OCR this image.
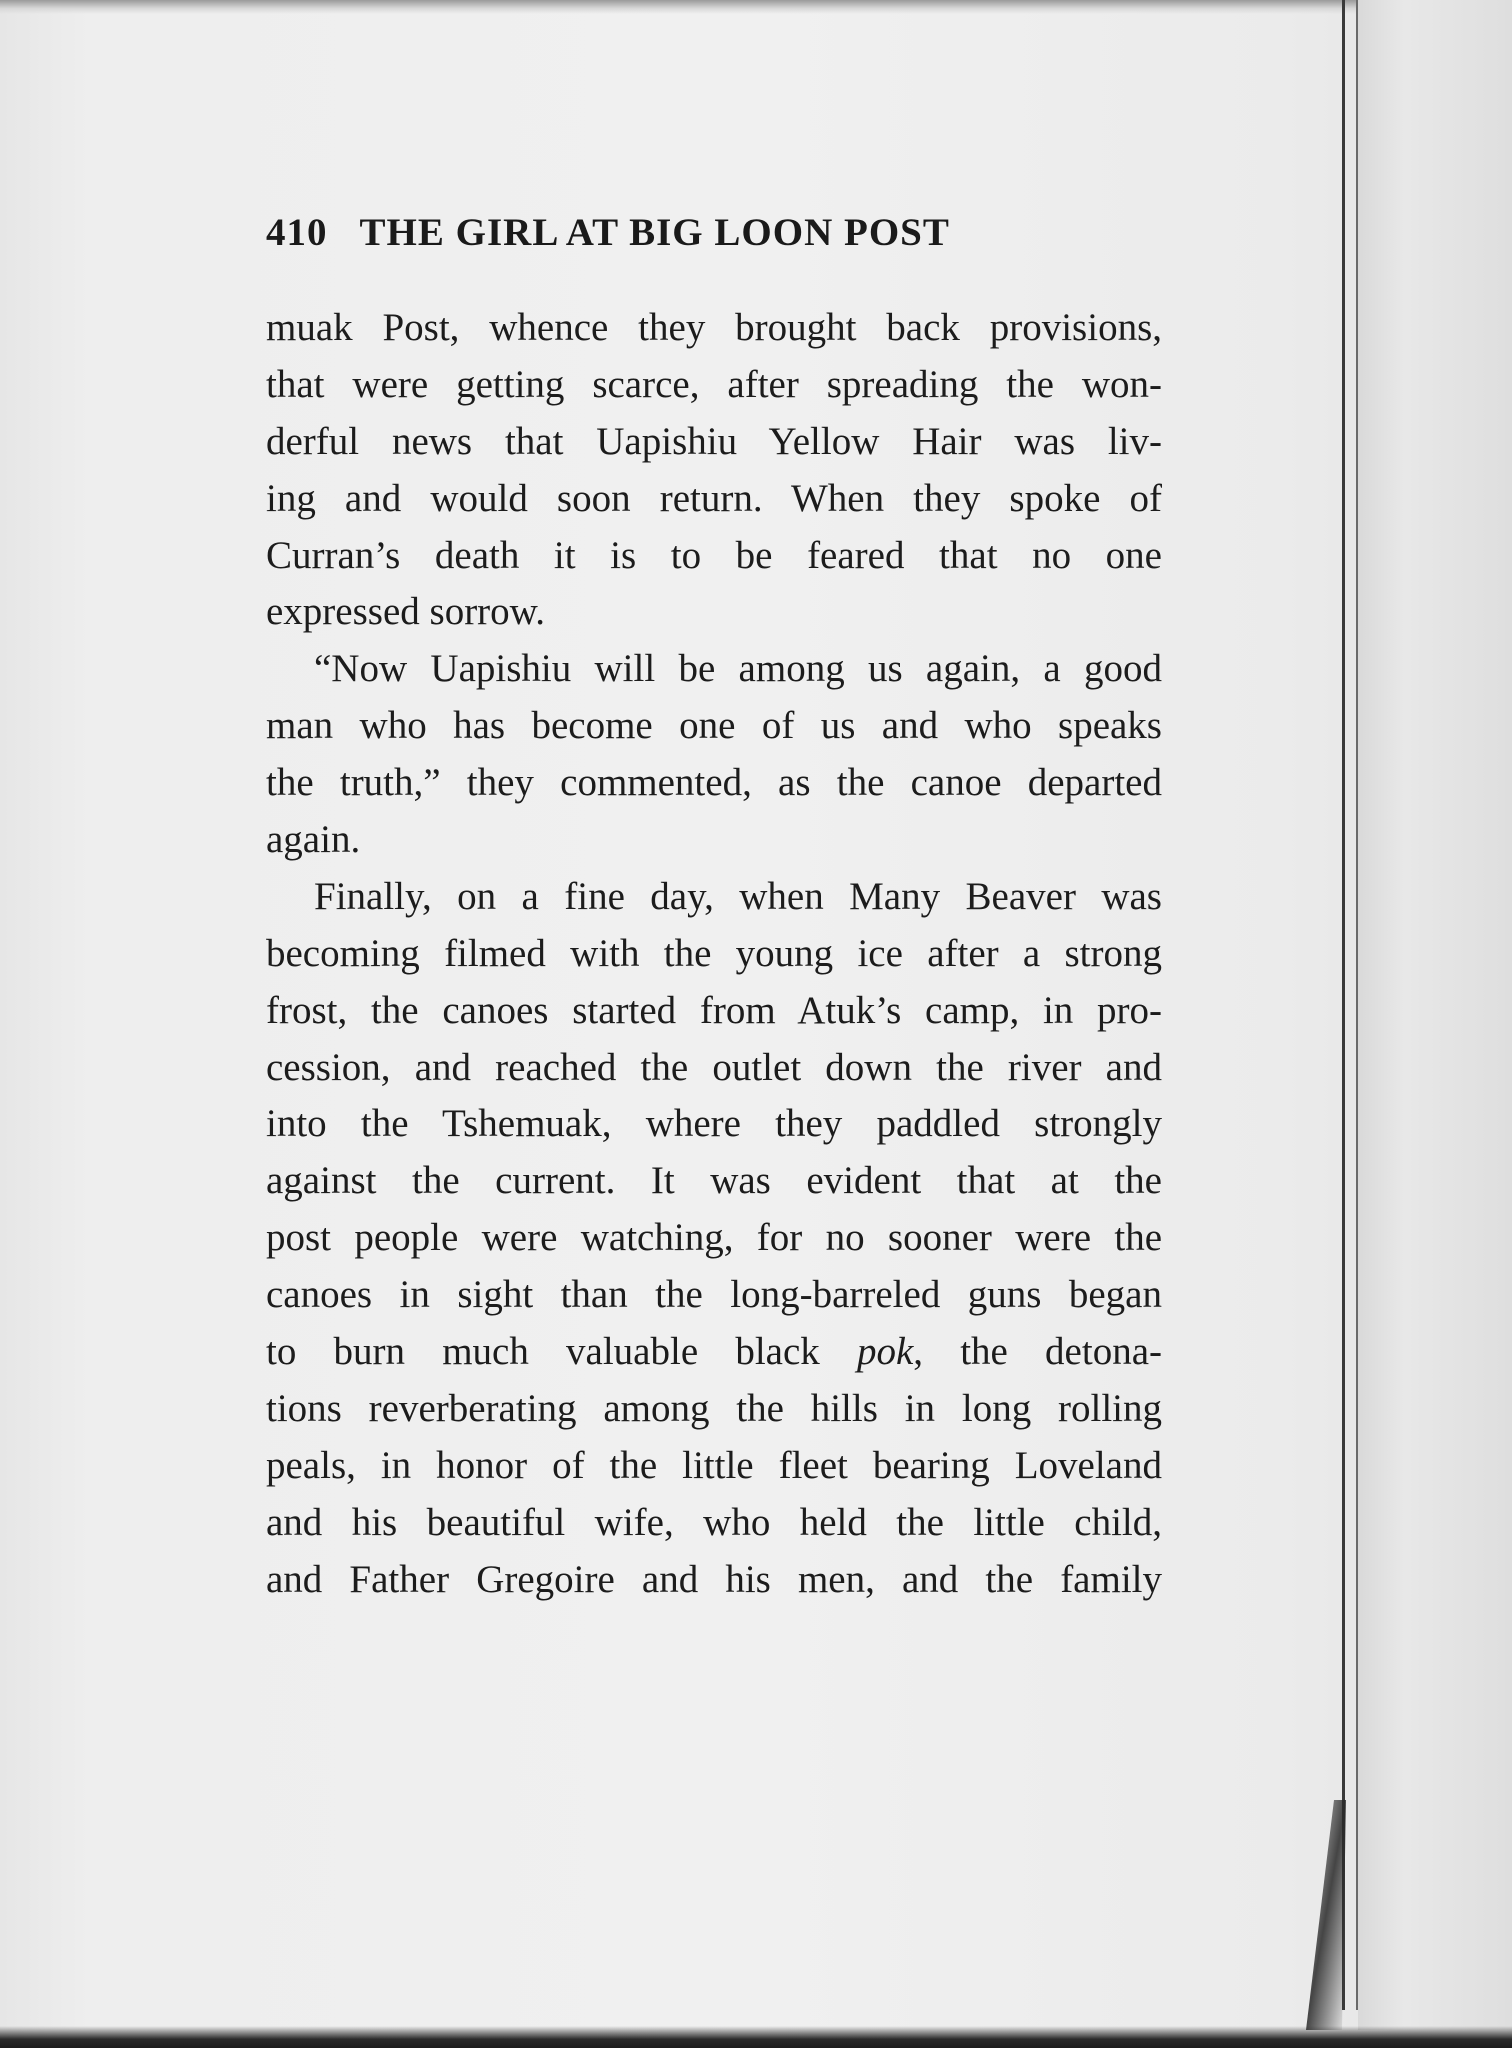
410 THE GIRL AT BIG LOON POST
muak Post, whence they brought back provisions,
that were getting scarce, after spreading the won-
derful news that Uapishiu Yellow Hair was liv-
ing and would soon return. When they spoke of
Curran’s death it is to be feared that no one
expressed sorrow.
“Now Uapishiu will be among us again, a good
man who has become one of us and who speaks
the truth,” they commented, as the canoe departed
again.
Finally, on a fine day, when Many Beaver was
becoming filmed with the young ice after a strong
frost, the canoes started from Atuk’s camp, in pro-
cession, and reached the outlet down the river and
into the Tshemuak, where they paddled strongly
against the current. It was evident that at the
post people were watching, for no sooner were the
canoes in sight than the long-barreled guns began
to burn much valuable black pok, the detona-
tions reverberating among the hills in long rolling
peals, in honor of the little fleet bearing Loveland
and his beautiful wife, who held the little child,
and Father Gregoire and his men, and the family
